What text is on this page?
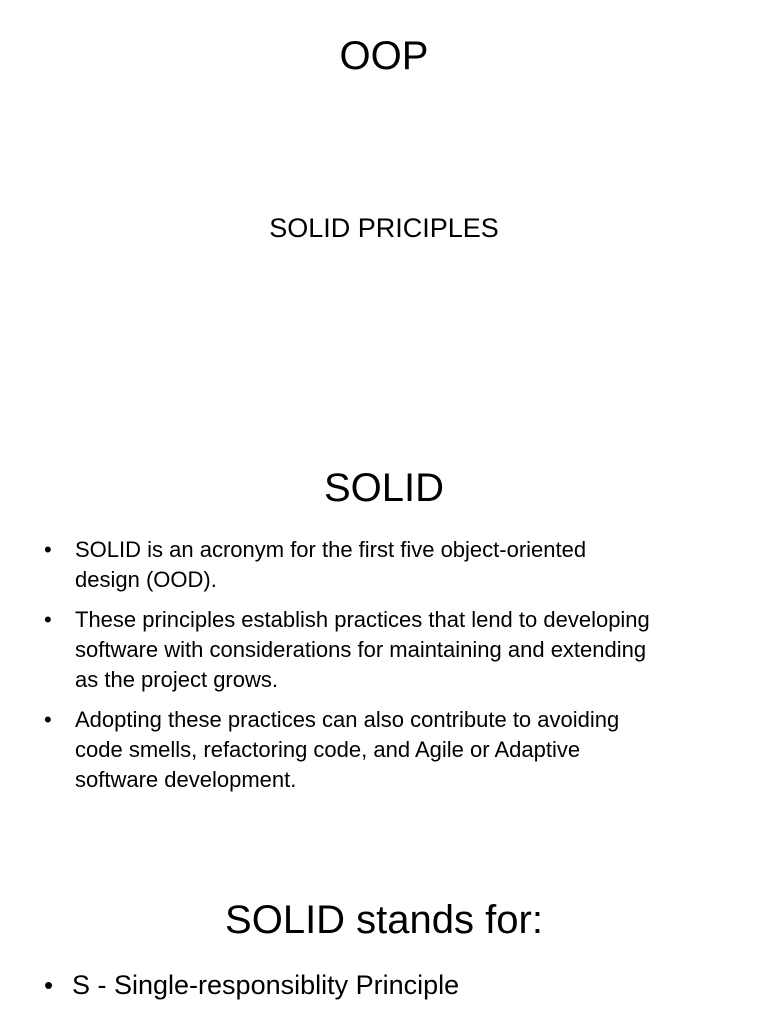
OOP
SOLID PRICIPLES
SOLID
• SOLID is an acronym for the first five object-oriented
design (OOD).
• These principles establish practices that lend to developing
software with considerations for maintaining and extending
as the project grows.
• Adopting these practices can also contribute to avoiding
code smells, refactoring code, and Agile or Adaptive
software development.
SOLID stands for:
• S - Single-responsiblity Principle
